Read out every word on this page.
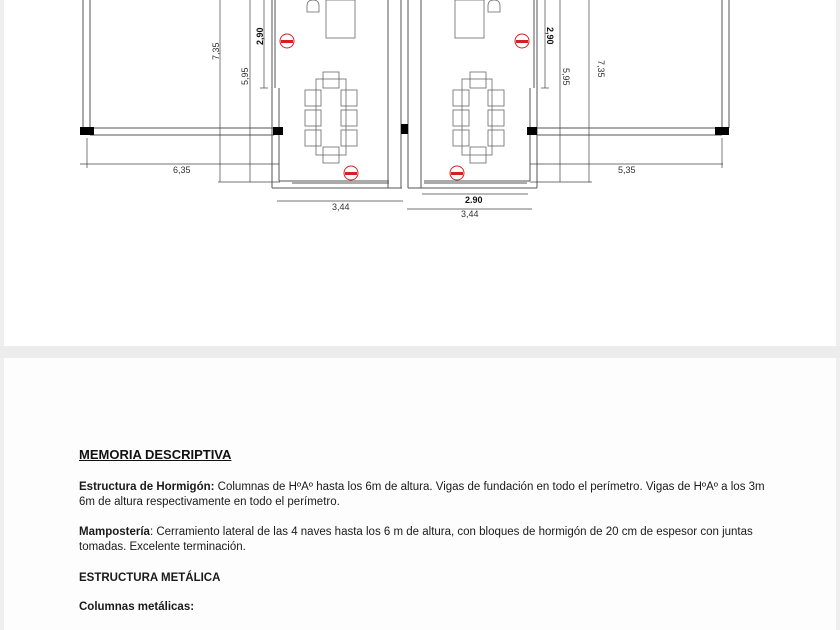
6,35
7,35
5,95
2,90
3,44
2.90
3,44
5,35
7,35
5,95
2,90
MEMORIA DESCRIPTIVA
Estructura de Hormigón: Columnas de HºAº hasta los 6m de altura. Vigas de fundación en todo el perímetro. Vigas de HºAº a los 3m 6m de altura respectivamente en todo el perímetro.
Mampostería: Cerramiento lateral de las 4 naves hasta los 6 m de altura, con bloques de hormigón de 20 cm de espesor con juntas tomadas. Excelente terminación.
ESTRUCTURA METÁLICA
Columnas metálicas:
